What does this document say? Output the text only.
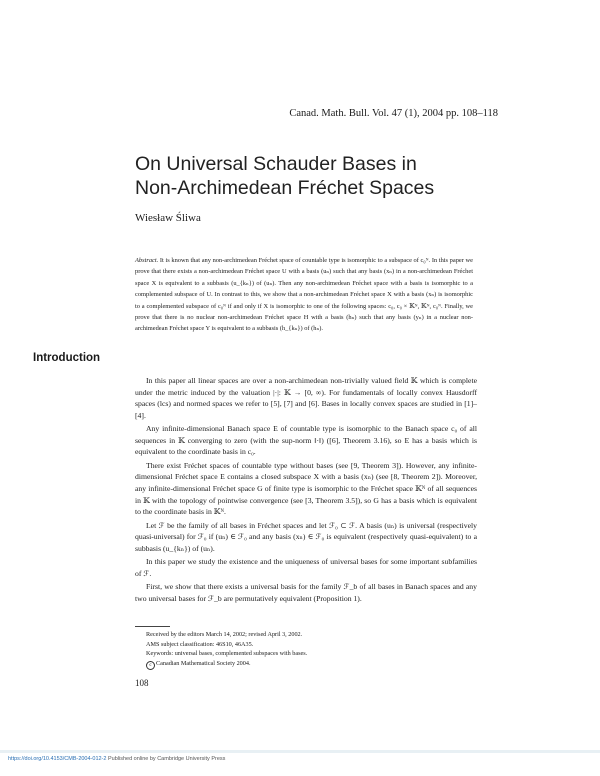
Canad. Math. Bull. Vol. 47 (1), 2004 pp. 108–118
On Universal Schauder Bases in
Non-Archimedean Fréchet Spaces
Wiesław Śliwa
Abstract. It is known that any non-archimedean Fréchet space of countable type is isomorphic to a subspace of c₀ᴺ. In this paper we prove that there exists a non-archimedean Fréchet space U with a basis (uₙ) such that any basis (xₙ) in a non-archimedean Fréchet space X is equivalent to a subbasis (u_{kₙ}) of (uₙ). Then any non-archimedean Fréchet space with a basis is isomorphic to a complemented subspace of U. In contrast to this, we show that a non-archimedean Fréchet space X with a basis (xₙ) is isomorphic to a complemented subspace of c₀ᴺ if and only if X is isomorphic to one of the following spaces: c₀, c₀ × 𝕂ᴺ, 𝕂ᴺ, c₀ᴺ. Finally, we prove that there is no nuclear non-archimedean Fréchet space H with a basis (hₙ) such that any basis (yₙ) in a nuclear non-archimedean Fréchet space Y is equivalent to a subbasis (h_{kₙ}) of (hₙ).
Introduction

In this paper all linear spaces are over a non-archimedean non-trivially valued field 𝕂 which is complete under the metric induced by the valuation |·|: 𝕂 → [0, ∞). For fundamentals of locally convex Hausdorff spaces (lcs) and normed spaces we refer to [5], [7] and [6]. Bases in locally convex spaces are studied in [1]–[4].

Any infinite-dimensional Banach space E of countable type is isomorphic to the Banach space c₀ of all sequences in 𝕂 converging to zero (with the sup-norm ‖·‖) ([6], Theorem 3.16), so E has a basis which is equivalent to the coordinate basis in c₀.

There exist Fréchet spaces of countable type without bases (see [9, Theorem 3]). However, any infinite-dimensional Fréchet space E contains a closed subspace X with a basis (xₙ) (see [8, Theorem 2]). Moreover, any infinite-dimensional Fréchet space G of finite type is isomorphic to the Fréchet space 𝕂ᴺ of all sequences in 𝕂 with the topology of pointwise convergence (see [3, Theorem 3.5]), so G has a basis which is equivalent to the coordinate basis in 𝕂ᴺ.

Let ℱ be the family of all bases in Fréchet spaces and let ℱ₀ ⊂ ℱ. A basis (uₙ) is universal (respectively quasi-universal) for ℱ₀ if (uₙ) ∈ ℱ₀ and any basis (xₙ) ∈ ℱ₀ is equivalent (respectively quasi-equivalent) to a subbasis (u_{kₙ}) of (uₙ).

In this paper we study the existence and the uniqueness of universal bases for some important subfamilies of ℱ.

First, we show that there exists a universal basis for the family ℱ_b of all bases in Banach spaces and any two universal bases for ℱ_b are permutatively equivalent (Proposition 1).

Received by the editors March 14, 2002; revised April 3, 2002.
AMS subject classification: 46S10, 46A35.
Keywords: universal bases, complemented subspaces with bases.
c Canadian Mathematical Society 2004.
108
https://doi.org/10.4153/CMB-2004-012-2 Published online by Cambridge University Press
